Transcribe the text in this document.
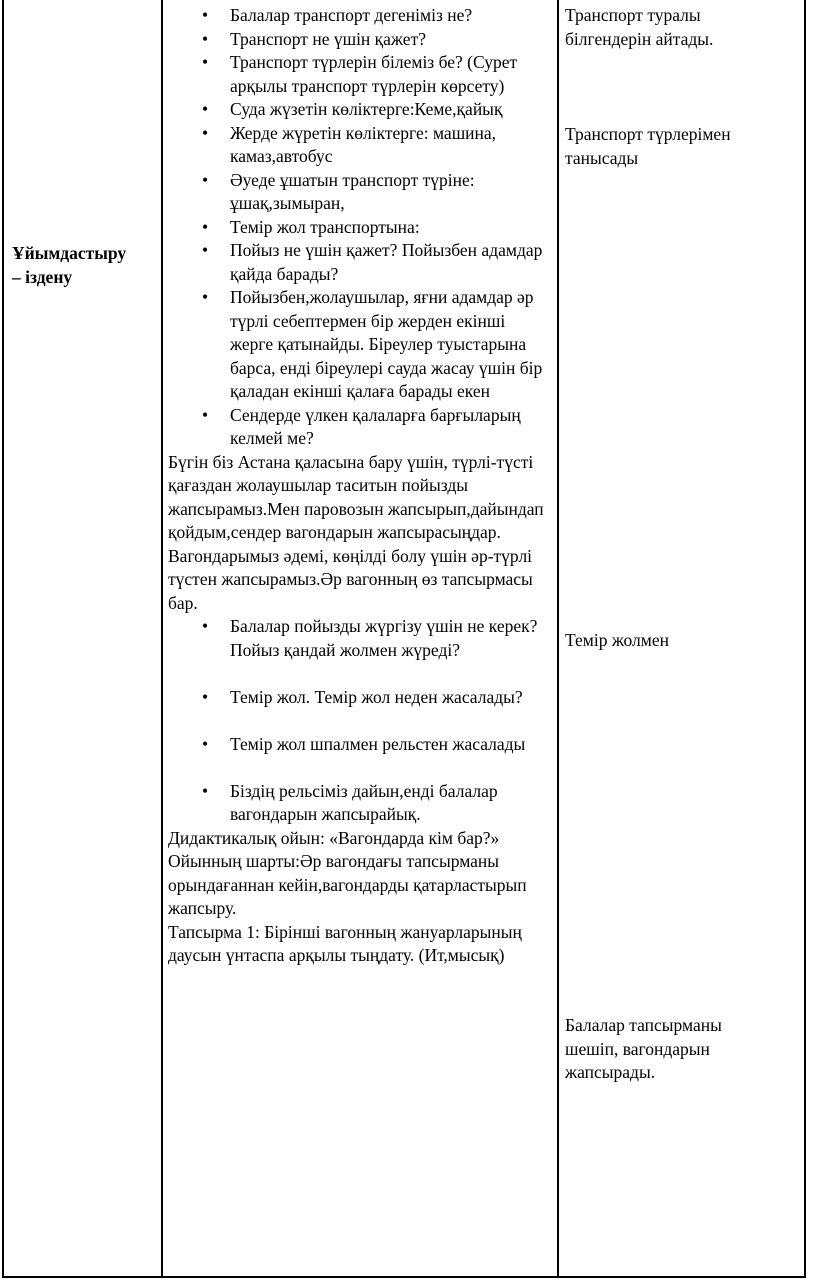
Ұйымдастыру
– іздену
• Балалар транспорт дегеніміз не?
• Транспорт не үшін қажет?
• Транспорт түрлерін білеміз бе? (Сурет арқылы транспорт түрлерін көрсету)
• Суда жүзетін көліктерге:Кеме,қайық
• Жерде жүретін көліктерге: машина, камаз,автобус
• Әуеде ұшатын транспорт түріне: ұшақ,зымыран,
• Темір жол транспортына:
• Пойыз не үшін қажет? Пойызбен адамдар қайда барады?
• Пойызбен,жолаушылар, яғни адамдар әр түрлі себептермен бір жерден екінші жерге қатынайды. Біреулер туыстарына барса, енді біреулері сауда жасау үшін бір қаладан екінші қалаға барады екен
• Сендерде үлкен қалаларға барғыларың келмей ме?

Бүгін біз Астана қаласына бару үшін, түрлі-түсті қағаздан жолаушылар таситын пойызды жапсырамыз.Мен паровозын жапсырып,дайындап қойдым,сендер вагондарын жапсырасыңдар. Вагондарымыз әдемі, көңілді болу үшін әр-түрлі түстен жапсырамыз.Әр вагонның өз тапсырмасы бар.

• Балалар пойызды жүргізу үшін не керек?Пойыз қандай жолмен жүреді?
• Темір жол. Темір жол неден жасалады?
• Темір жол шпалмен рельстен жасалады
• Біздің рельсіміз дайын,енді балалар вагондарын жапсырайық.

Дидактикалық ойын: «Вагондарда кім бар?»

Ойынның шарты:Әр вагондағы тапсырманы орындағаннан кейін,вагондарды қатарластырып жапсыру.

Тапсырма 1: Бірінші вагонның жануарларының даусын үнтаспа арқылы тыңдату. (Ит,мысық)

Транспорт туралы
білгендерін айтады.
Транспорт түрлерімен
танысады
Темір жолмен
Балалар тапсырманы
шешіп, вагондарын
жапсырады.
